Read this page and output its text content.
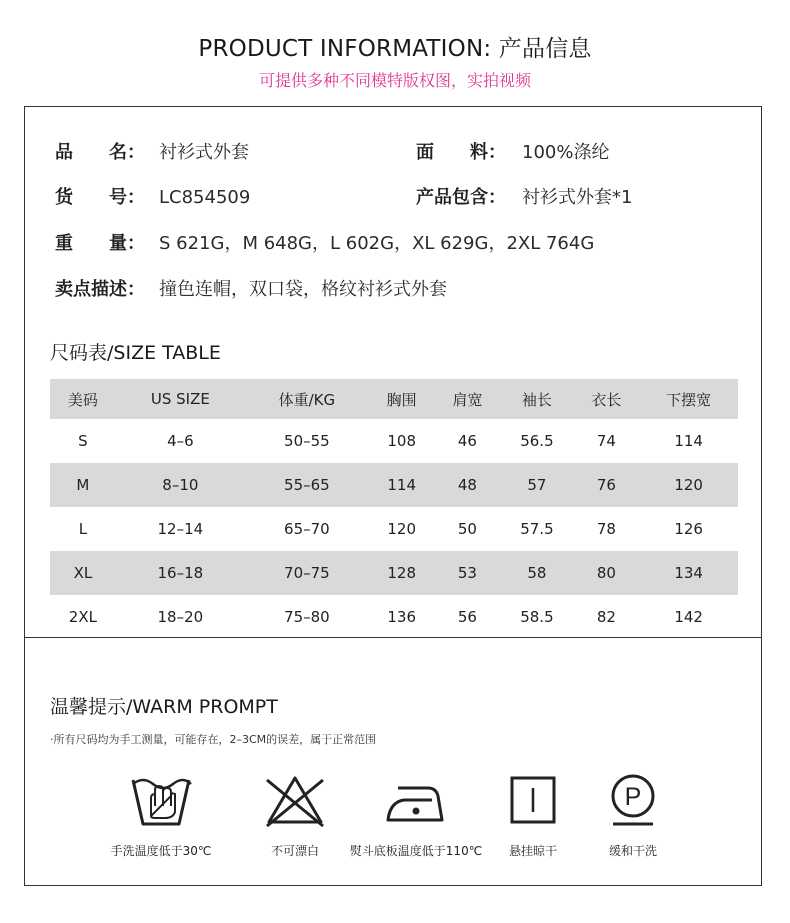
PRODUCT INFORMATION: 产品信息
可提供多种不同模特版权图，实拍视频
品　　名： 衬衫式外套	面　　料： 100%涤纶
货　　号： LC854509	产品包含： 衬衫式外套*1
重　　量： S 621G，M 648G，L 602G，XL 629G，2XL 764G
卖点描述： 撞色连帽，双口袋，格纹衬衫式外套
尺码表/SIZE TABLE
美码	US SIZE	体重/KG	胸围	肩宽	袖长	衣长	下摆宽
S	4–6	50–55	108	46	56.5	74	114
M	8–10	55–65	114	48	57	76	120
L	12–14	65–70	120	50	57.5	78	126
XL	16–18	70–75	128	53	58	80	134
2XL	18–20	75–80	136	56	58.5	82	142
温馨提示/WARM PROMPT
·所有尺码均为手工测量，可能存在，2–3CM的误差，属于正常范围
手洗温度低于30℃	不可漂白	熨斗底板温度低于110℃	悬挂晾干
P
缓和干洗
